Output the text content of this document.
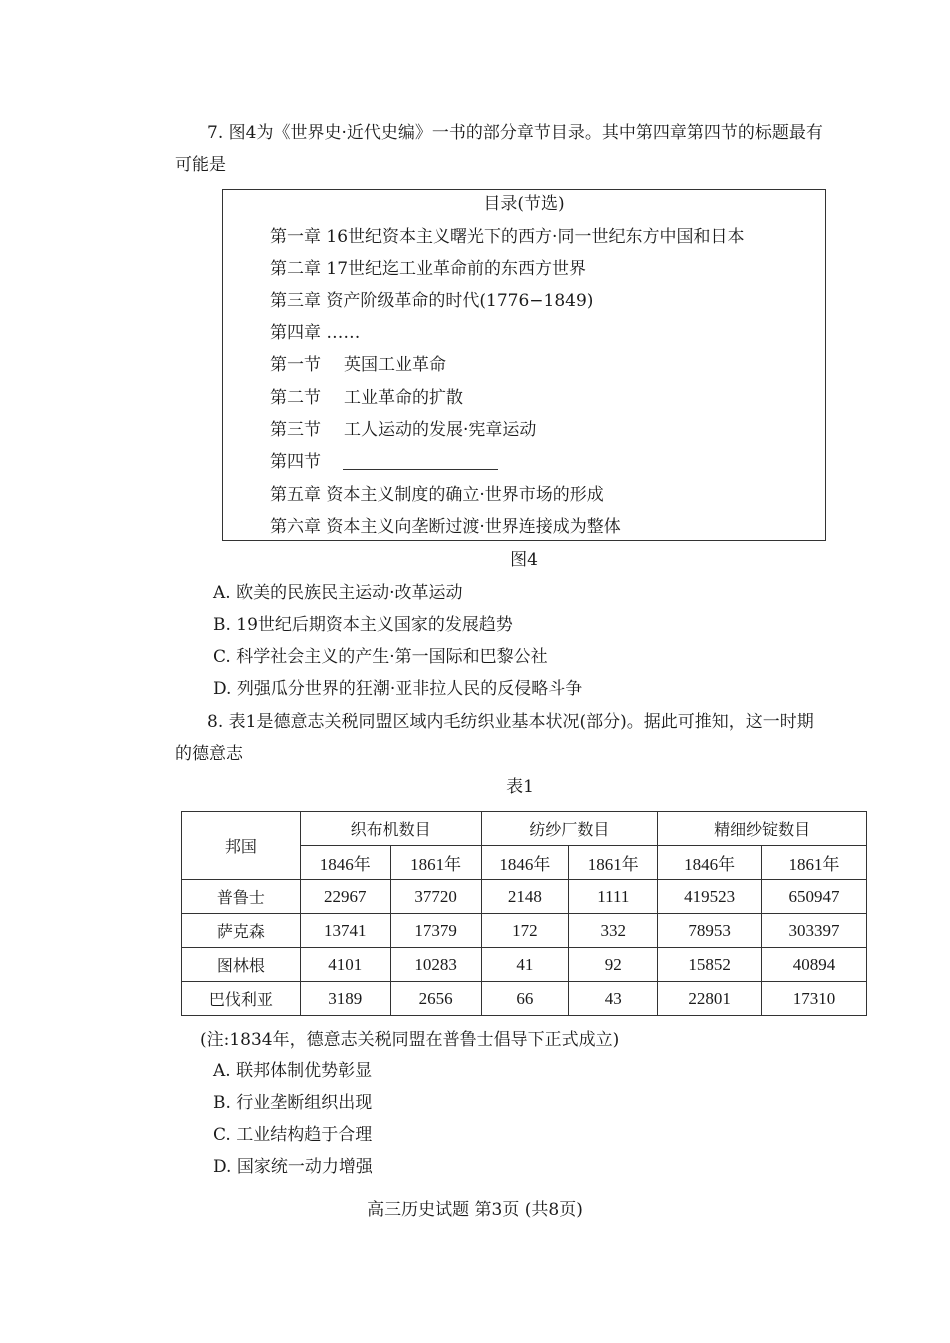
7. 图4为《世界史·近代史编》一书的部分章节目录。其中第四章第四节的标题最有
可能是
目录(节选)
第一章 16世纪资本主义曙光下的西方·同一世纪东方中国和日本
第二章 17世纪迄工业革命前的东西方世界
第三章 资产阶级革命的时代(1776−1849)
第四章 ……
第一节 英国工业革命
第二节 工业革命的扩散
第三节 工人运动的发展·宪章运动
第四节
第五章 资本主义制度的确立·世界市场的形成
第六章 资本主义向垄断过渡·世界连接成为整体
图4
A. 欧美的民族民主运动·改革运动
B. 19世纪后期资本主义国家的发展趋势
C. 科学社会主义的产生·第一国际和巴黎公社
D. 列强瓜分世界的狂潮·亚非拉人民的反侵略斗争
8. 表1是德意志关税同盟区域内毛纺织业基本状况(部分)。据此可推知，这一时期
的德意志
表1
邦国	织布机数目		纺纱厂数目		精细纱锭数目	
	1846年	1861年	1846年	1861年	1846年	1861年
普鲁士	22967	37720	2148	1111	419523	650947
萨克森	13741	17379	172	332	78953	303397
图林根	4101	10283	41	92	15852	40894
巴伐利亚	3189	2656	66	43	22801	17310
(注:1834年，德意志关税同盟在普鲁士倡导下正式成立)
A. 联邦体制优势彰显
B. 行业垄断组织出现
C. 工业结构趋于合理
D. 国家统一动力增强
高三历史试题 第3页 (共8页)
